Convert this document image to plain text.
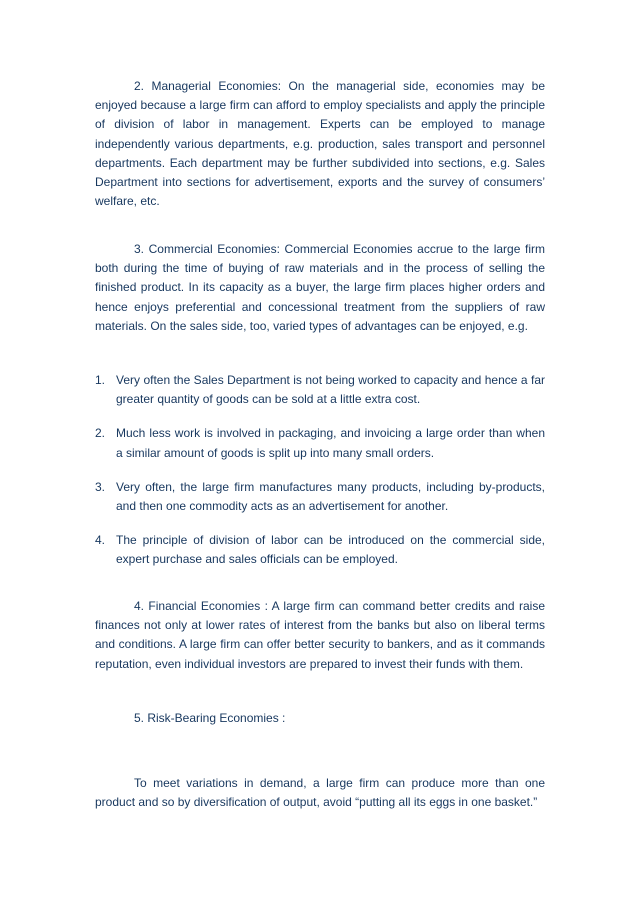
2. Managerial Economies: On the managerial side, economies may be enjoyed because a large firm can afford to employ specialists and apply the principle of division of labor in management. Experts can be employed to manage independently various departments, e.g. production, sales transport and personnel departments. Each department may be further subdivided into sections, e.g. Sales Department into sections for advertisement, exports and the survey of consumers’ welfare, etc.

3. Commercial Economies: Commercial Economies accrue to the large firm both during the time of buying of raw materials and in the process of selling the finished product. In its capacity as a buyer, the large firm places higher orders and hence enjoys preferential and concessional treatment from the suppliers of raw materials. On the sales side, too, varied types of advantages can be enjoyed, e.g.

1. Very often the Sales Department is not being worked to capacity and hence a far greater quantity of goods can be sold at a little extra cost.
2. Much less work is involved in packaging, and invoicing a large order than when a similar amount of goods is split up into many small orders.
3. Very often, the large firm manufactures many products, including by-products, and then one commodity acts as an advertisement for another.
4. The principle of division of labor can be introduced on the commercial side, expert purchase and sales officials can be employed.

4. Financial Economies : A large firm can command better credits and raise finances not only at lower rates of interest from the banks but also on liberal terms and conditions. A large firm can offer better security to bankers, and as it commands reputation, even individual investors are prepared to invest their funds with them.

5. Risk-Bearing Economies :

To meet variations in demand, a large firm can produce more than one product and so by diversification of output, avoid “putting all its eggs in one basket.”
